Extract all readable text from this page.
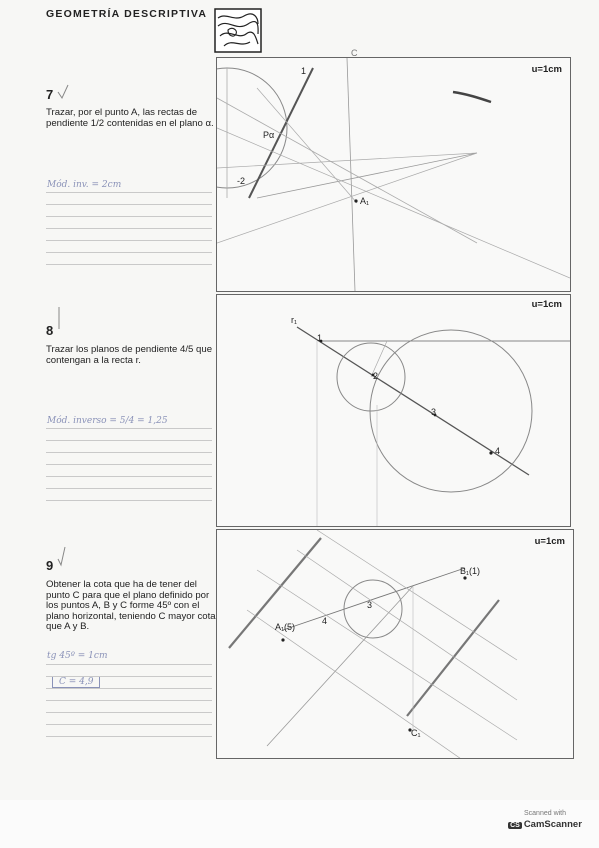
GEOMETRÍA DESCRIPTIVA
7
Trazar, por el punto A, las rectas de pendiente 1/2 contenidas en el plano α.
Mód. inv. = 2cm
u=1cm
1
Pα
-2
A₁
C
8
Trazar los planos de pendiente 4/5 que contengan a la recta r.
Mód. inverso = 5/4 = 1,25
u=1cm
r₁
1
2
3
4
9
Obtener la cota que ha de tener del punto C para que el plano definido por los puntos A, B y C forme 45º con el plano horizontal, teniendo C mayor cota que A y B.
tg 45º = 1cm
C = 4,9
u=1cm
B₁(1)
A₁(5)
C₁
3
4
Scanned with
CS CamScanner
